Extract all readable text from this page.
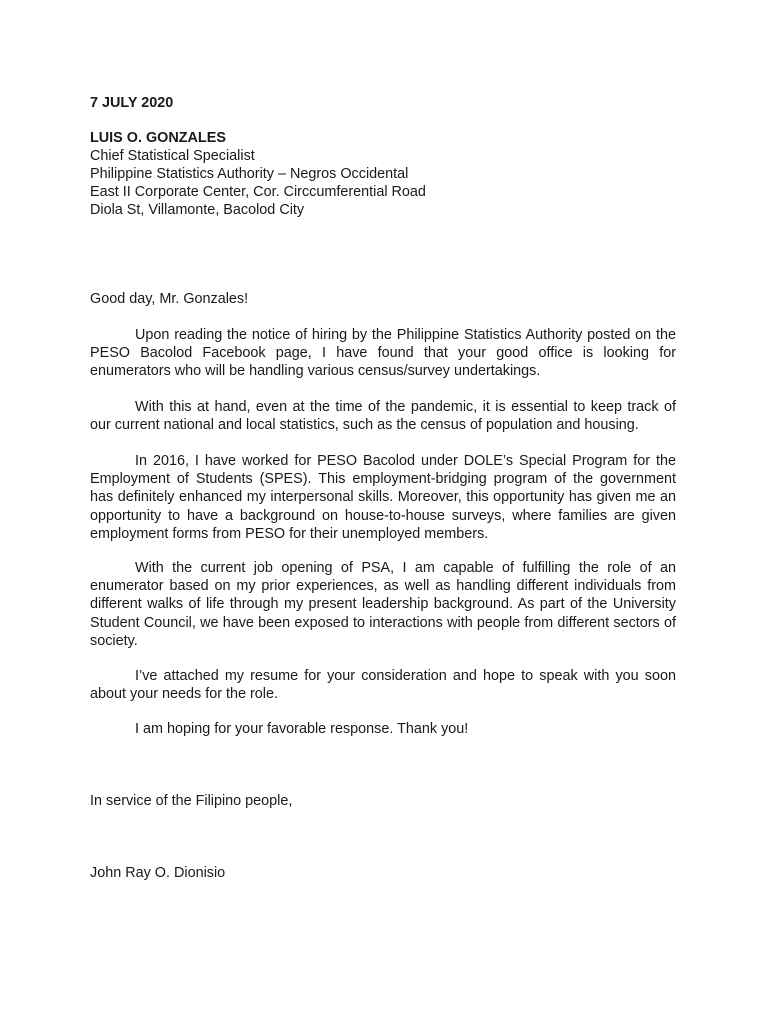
7 JULY 2020
LUIS O. GONZALES
Chief Statistical Specialist
Philippine Statistics Authority – Negros Occidental
East II Corporate Center, Cor. Circcumferential Road
Diola St, Villamonte, Bacolod City
Good day, Mr. Gonzales!

Upon reading the notice of hiring by the Philippine Statistics Authority posted on the PESO Bacolod Facebook page, I have found that your good office is looking for enumerators who will be handling various census/survey undertakings.

With this at hand, even at the time of the pandemic, it is essential to keep track of our current national and local statistics, such as the census of population and housing.

In 2016, I have worked for PESO Bacolod under DOLE’s Special Program for the Employment of Students (SPES). This employment-bridging program of the government has definitely enhanced my interpersonal skills. Moreover, this opportunity has given me an opportunity to have a background on house-to-house surveys, where families are given employment forms from PESO for their unemployed members.

With the current job opening of PSA, I am capable of fulfilling the role of an enumerator based on my prior experiences, as well as handling different individuals from different walks of life through my present leadership background. As part of the University Student Council, we have been exposed to interactions with people from different sectors of society.

I’ve attached my resume for your consideration and hope to speak with you soon about your needs for the role.

I am hoping for your favorable response. Thank you!

In service of the Filipino people,
John Ray O. Dionisio
